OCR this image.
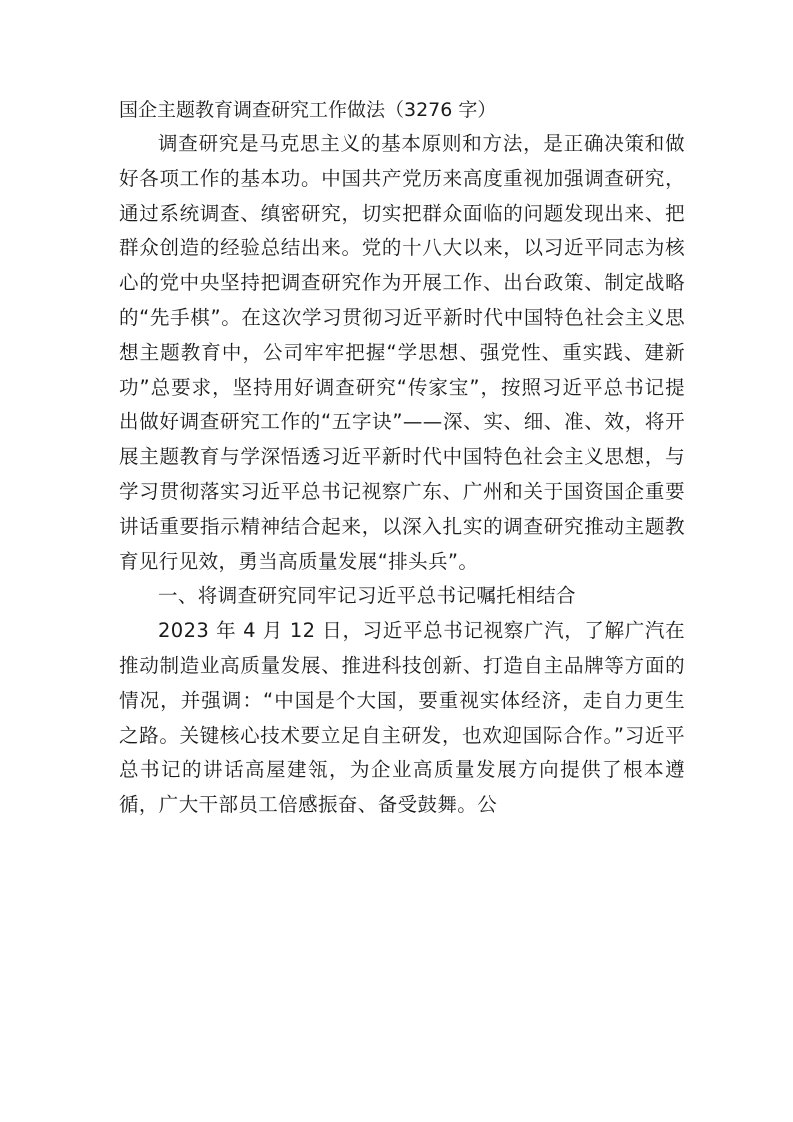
国企主题教育调查研究工作做法（3276 字）

调查研究是马克思主义的基本原则和方法，是正确决策和做好各项工作的基本功。中国共产党历来高度重视加强调查研究，通过系统调查、缜密研究，切实把群众面临的问题发现出来、把群众创造的经验总结出来。党的十八大以来，以习近平同志为核心的党中央坚持把调查研究作为开展工作、出台政策、制定战略的“先手棋”。在这次学习贯彻习近平新时代中国特色社会主义思想主题教育中，公司牢牢把握“学思想、强党性、重实践、建新功”总要求，坚持用好调查研究“传家宝”，按照习近平总书记提出做好调查研究工作的“五字诀”——深、实、细、准、效，将开展主题教育与学深悟透习近平新时代中国特色社会主义思想，与学习贯彻落实习近平总书记视察广东、广州和关于国资国企重要讲话重要指示精神结合起来，以深入扎实的调查研究推动主题教育见行见效，勇当高质量发展“排头兵”。

一、将调查研究同牢记习近平总书记嘱托相结合

2023 年 4 月 12 日，习近平总书记视察广汽，了解广汽在推动制造业高质量发展、推进科技创新、打造自主品牌等方面的情况，并强调：“中国是个大国，要重视实体经济，走自力更生之路。关键核心技术要立足自主研发，也欢迎国际合作。”习近平总书记的讲话高屋建瓴，为企业高质量发展方向提供了根本遵循，广大干部员工倍感振奋、备受鼓舞。公
